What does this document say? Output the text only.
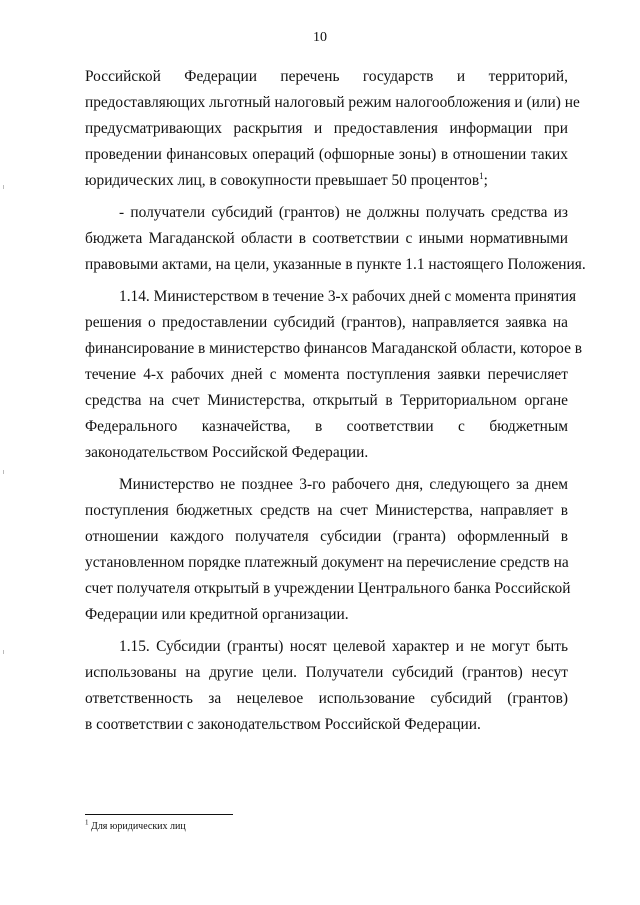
10
Российской Федерации перечень государств и территорий,
предоставляющих льготный налоговый режим налогообложения и (или) не
предусматривающих раскрытия и предоставления информации при
проведении финансовых операций (офшорные зоны) в отношении таких
юридических лиц, в совокупности превышает 50 процентов$^1$;
- получатели субсидий (грантов) не должны получать средства из
бюджета Магаданской области в соответствии с иными нормативными
правовыми актами, на цели, указанные в пункте 1.1 настоящего Положения.
1.14. Министерством в течение 3-х рабочих дней с момента принятия
решения о предоставлении субсидий (грантов), направляется заявка на
финансирование в министерство финансов Магаданской области, которое в
течение 4-х рабочих дней с момента поступления заявки перечисляет
средства на счет Министерства, открытый в Территориальном органе
Федерального казначейства, в соответствии с бюджетным
законодательством Российской Федерации.
Министерство не позднее 3-го рабочего дня, следующего за днем
поступления бюджетных средств на счет Министерства, направляет в
отношении каждого получателя субсидии (гранта) оформленный в
установленном порядке платежный документ на перечисление средств на
счет получателя открытый в учреждении Центрального банка Российской
Федерации или кредитной организации.
1.15. Субсидии (гранты) носят целевой характер и не могут быть
использованы на другие цели. Получатели субсидий (грантов) несут
ответственность за нецелевое использование субсидий (грантов)
в соответствии с законодательством Российской Федерации.
$^1$ Для юридических лиц
